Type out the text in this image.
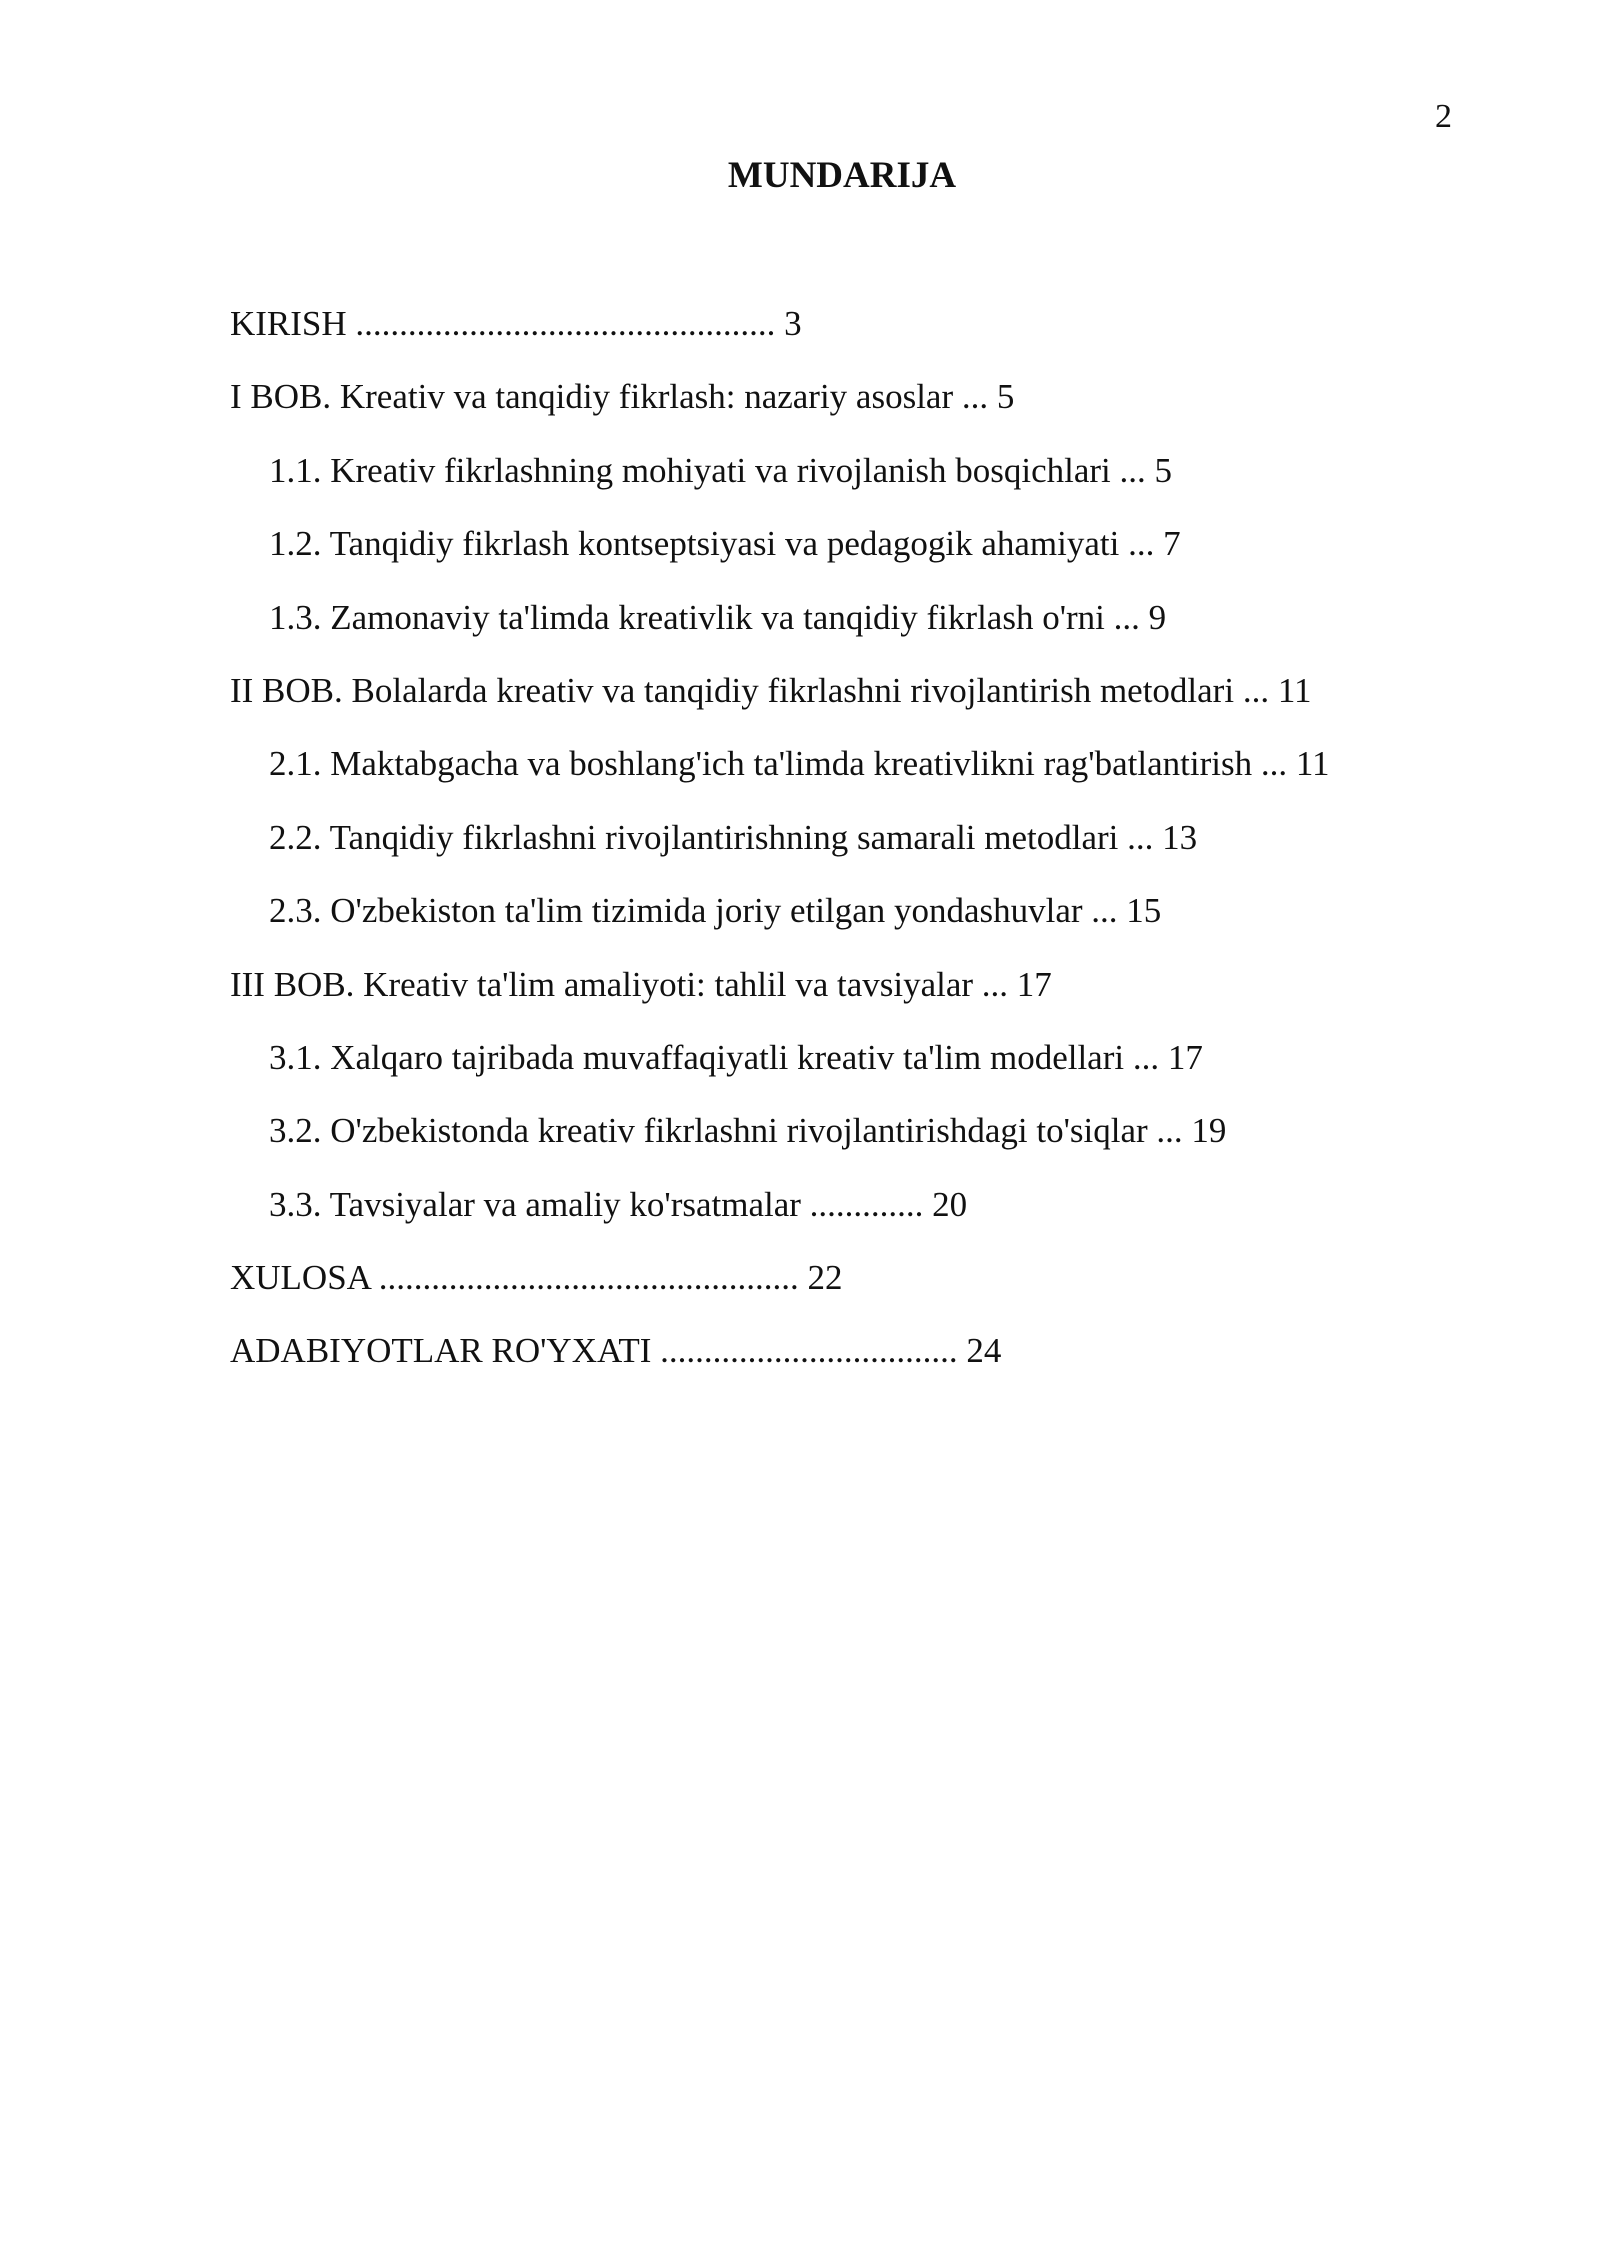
2
MUNDARIJA
KIRISH ................................................ 3
I BOB. Kreativ va tanqidiy fikrlash: nazariy asoslar ... 5
1.1. Kreativ fikrlashning mohiyati va rivojlanish bosqichlari ... 5
1.2. Tanqidiy fikrlash kontseptsiyasi va pedagogik ahamiyati ... 7
1.3. Zamonaviy ta'limda kreativlik va tanqidiy fikrlash o'rni ... 9
II BOB. Bolalarda kreativ va tanqidiy fikrlashni rivojlantirish metodlari ... 11
2.1. Maktabgacha va boshlang'ich ta'limda kreativlikni rag'batlantirish ... 11
2.2. Tanqidiy fikrlashni rivojlantirishning samarali metodlari ... 13
2.3. O'zbekiston ta'lim tizimida joriy etilgan yondashuvlar ... 15
III BOB. Kreativ ta'lim amaliyoti: tahlil va tavsiyalar ... 17
3.1. Xalqaro tajribada muvaffaqiyatli kreativ ta'lim modellari ... 17
3.2. O'zbekistonda kreativ fikrlashni rivojlantirishdagi to'siqlar ... 19
3.3. Tavsiyalar va amaliy ko'rsatmalar ............. 20
XULOSA ................................................ 22
ADABIYOTLAR RO'YXATI .................................. 24
